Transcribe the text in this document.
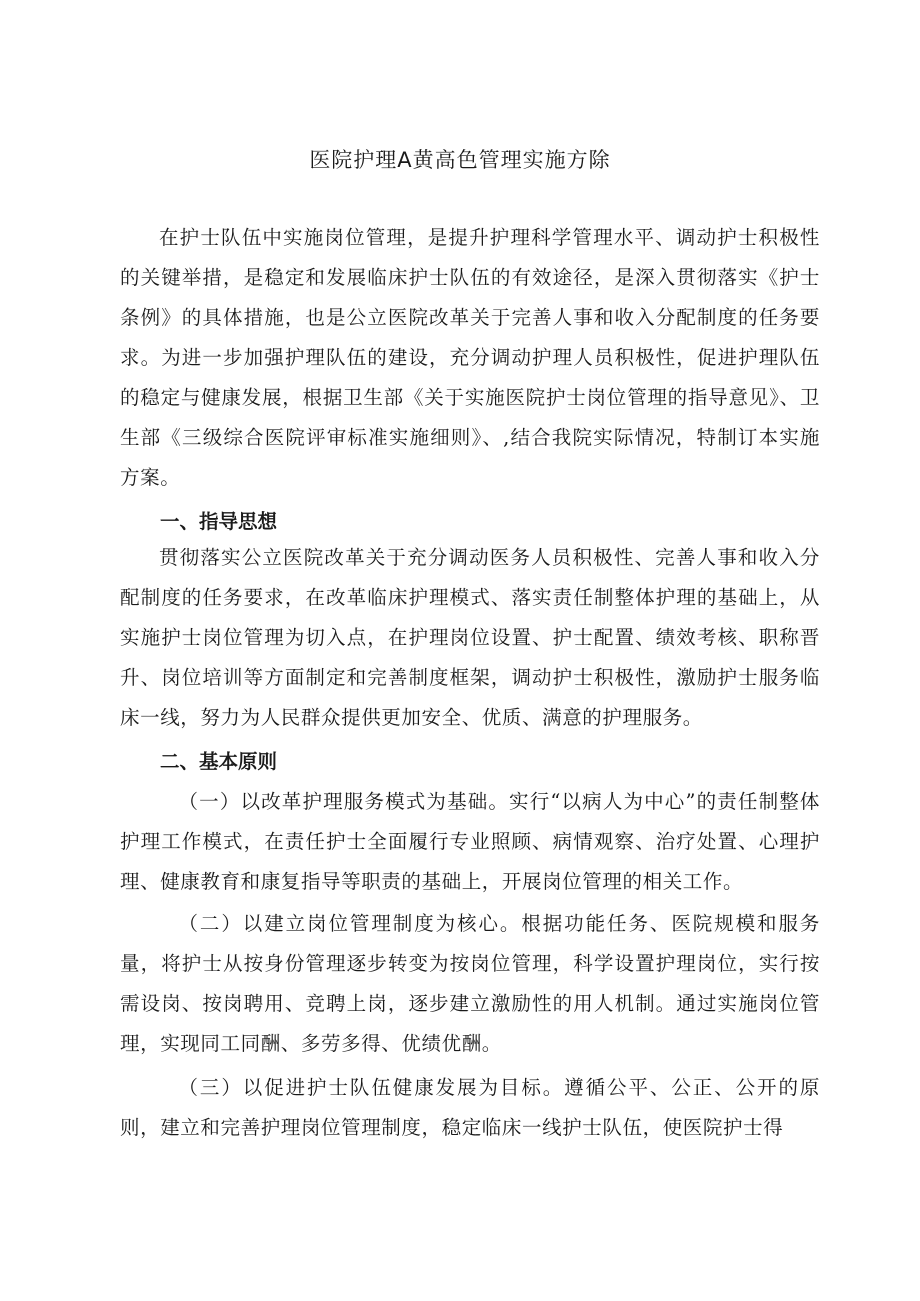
医院护理A黄高色管理实施方除

在护士队伍中实施岗位管理，是提升护理科学管理水平、调动护士积极性的关键举措，是稳定和发展临床护士队伍的有效途径，是深入贯彻落实《护士条例》的具体措施，也是公立医院改革关于完善人事和收入分配制度的任务要求。为进一步加强护理队伍的建设，充分调动护理人员积极性，促进护理队伍的稳定与健康发展，根据卫生部《关于实施医院护士岗位管理的指导意见》、卫生部《三级综合医院评审标准实施细则》、,结合我院实际情况，特制订本实施方案。

一、指导思想

贯彻落实公立医院改革关于充分调动医务人员积极性、完善人事和收入分配制度的任务要求，在改革临床护理模式、落实责任制整体护理的基础上，从实施护士岗位管理为切入点，在护理岗位设置、护士配置、绩效考核、职称晋升、岗位培训等方面制定和完善制度框架，调动护士积极性，激励护士服务临床一线，努力为人民群众提供更加安全、优质、满意的护理服务。

二、基本原则

（一）以改革护理服务模式为基础。实行“以病人为中心”的责任制整体护理工作模式，在责任护士全面履行专业照顾、病情观察、治疗处置、心理护理、健康教育和康复指导等职责的基础上，开展岗位管理的相关工作。

（二）以建立岗位管理制度为核心。根据功能任务、医院规模和服务量，将护士从按身份管理逐步转变为按岗位管理，科学设置护理岗位，实行按需设岗、按岗聘用、竞聘上岗，逐步建立激励性的用人机制。通过实施岗位管理，实现同工同酬、多劳多得、优绩优酬。

（三）以促进护士队伍健康发展为目标。遵循公平、公正、公开的原则，建立和完善护理岗位管理制度，稳定临床一线护士队伍，使医院护士得
